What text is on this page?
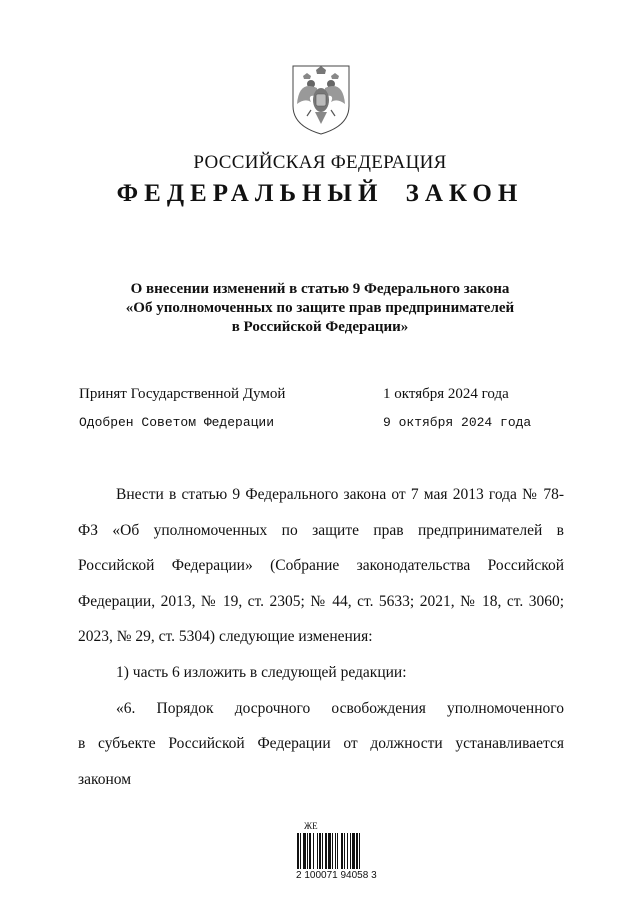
РОССИЙСКАЯ ФЕДЕРАЦИЯ
ФЕДЕРАЛЬНЫЙ ЗАКОН
О внесении изменений в статью 9 Федерального закона
«Об уполномоченных по защите прав предпринимателей
в Российской Федерации»
Принят Государственной Думой	1 октября 2024 года
Одобрен Советом Федерации	9 октября 2024 года

Внести в статью 9 Федерального закона от 7 мая 2013 года № 78-ФЗ «Об уполномоченных по защите прав предпринимателей в Российской Федерации» (Собрание законодательства Российской Федерации, 2013, № 19, ст. 2305; № 44, ст. 5633; 2021, № 18, ст. 3060; 2023, № 29, ст. 5304) следующие изменения:

1) часть 6 изложить в следующей редакции:

«6. Порядок досрочного освобождения уполномоченного

в субъекте Российской Федерации от должности устанавливается законом

ЖЕ
2 100071 94058 3
